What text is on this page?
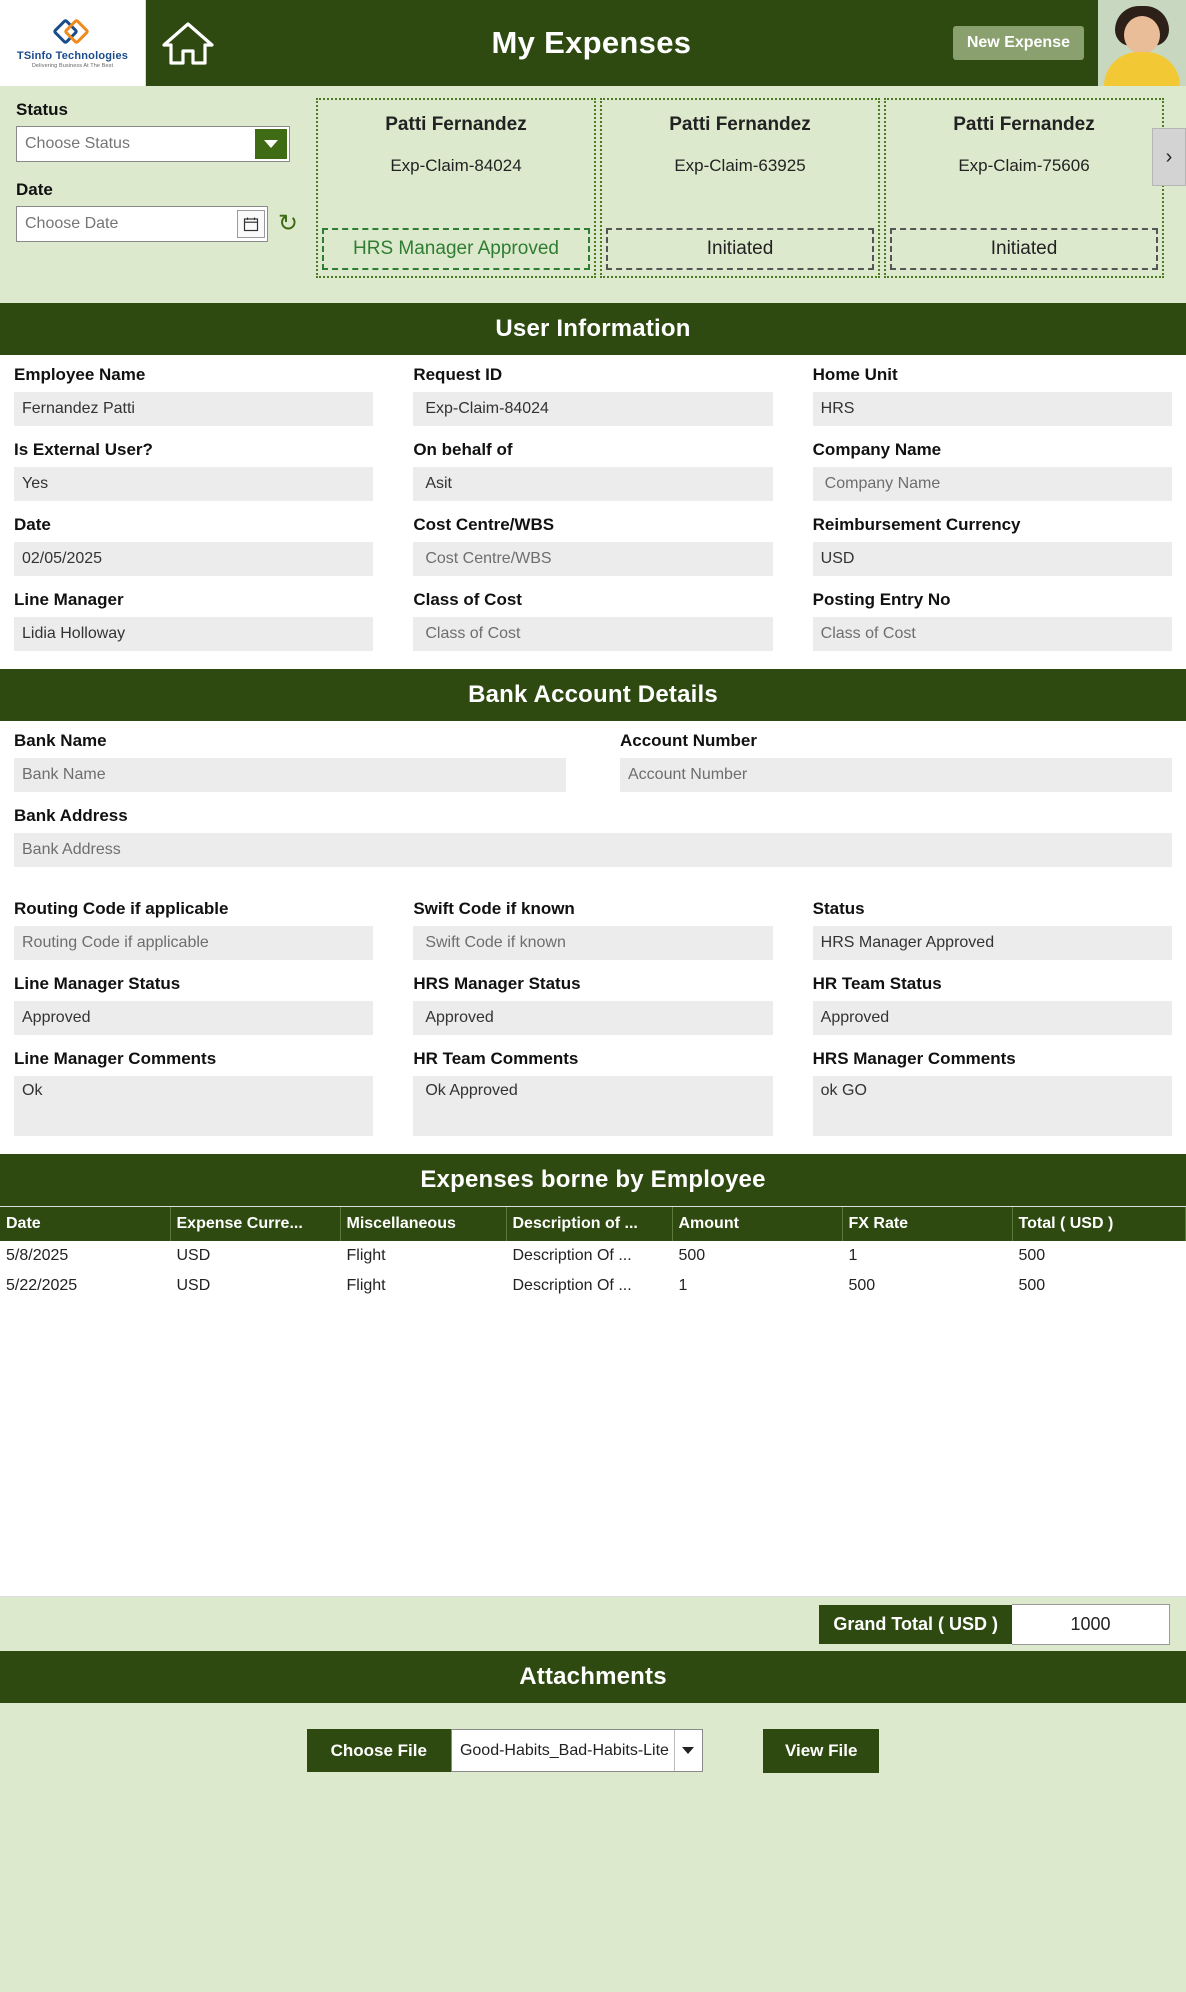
TSinfo Technologies
Delivering Business At The Best
My Expenses	New Expense
Status
Choose Status
Date
Choose Date
↻
Patti Fernandez
Exp-Claim-84024
HRS Manager Approved
Patti Fernandez
Exp-Claim-63925
Initiated
Patti Fernandez
Exp-Claim-75606
Initiated
›
User Information
Employee Name
Fernandez Patti
Request ID
Exp-Claim-84024
Home Unit
HRS
Is External User?
Yes
On behalf of
Asit
Company Name
Company Name
Date
02/05/2025
Cost Centre/WBS
Cost Centre/WBS
Reimbursement Currency
USD
Line Manager
Lidia Holloway
Class of Cost
Class of Cost
Posting Entry No
Class of Cost
Bank Account Details
Bank Name
Bank Name
Account Number
Account Number
Bank Address
Bank Address
Routing Code if applicable
Routing Code if applicable
Swift Code if known
Swift Code if known
Status
HRS Manager Approved
Line Manager Status
Approved
HRS Manager Status
Approved
HR Team Status
Approved
Line Manager Comments
Ok
HR Team Comments
Ok Approved
HRS Manager Comments
ok GO
Expenses borne by Employee
Date	Expense Curre...	Miscellaneous	Description of ...	Amount	FX Rate	Total ( USD )
5/8/2025	USD	Flight	Description Of ...	500	1	500
5/22/2025	USD	Flight	Description Of ...	1	500	500
Grand Total ( USD )	1000
Attachments
Choose File	Good-Habits_Bad-Habits-Lite	View File
